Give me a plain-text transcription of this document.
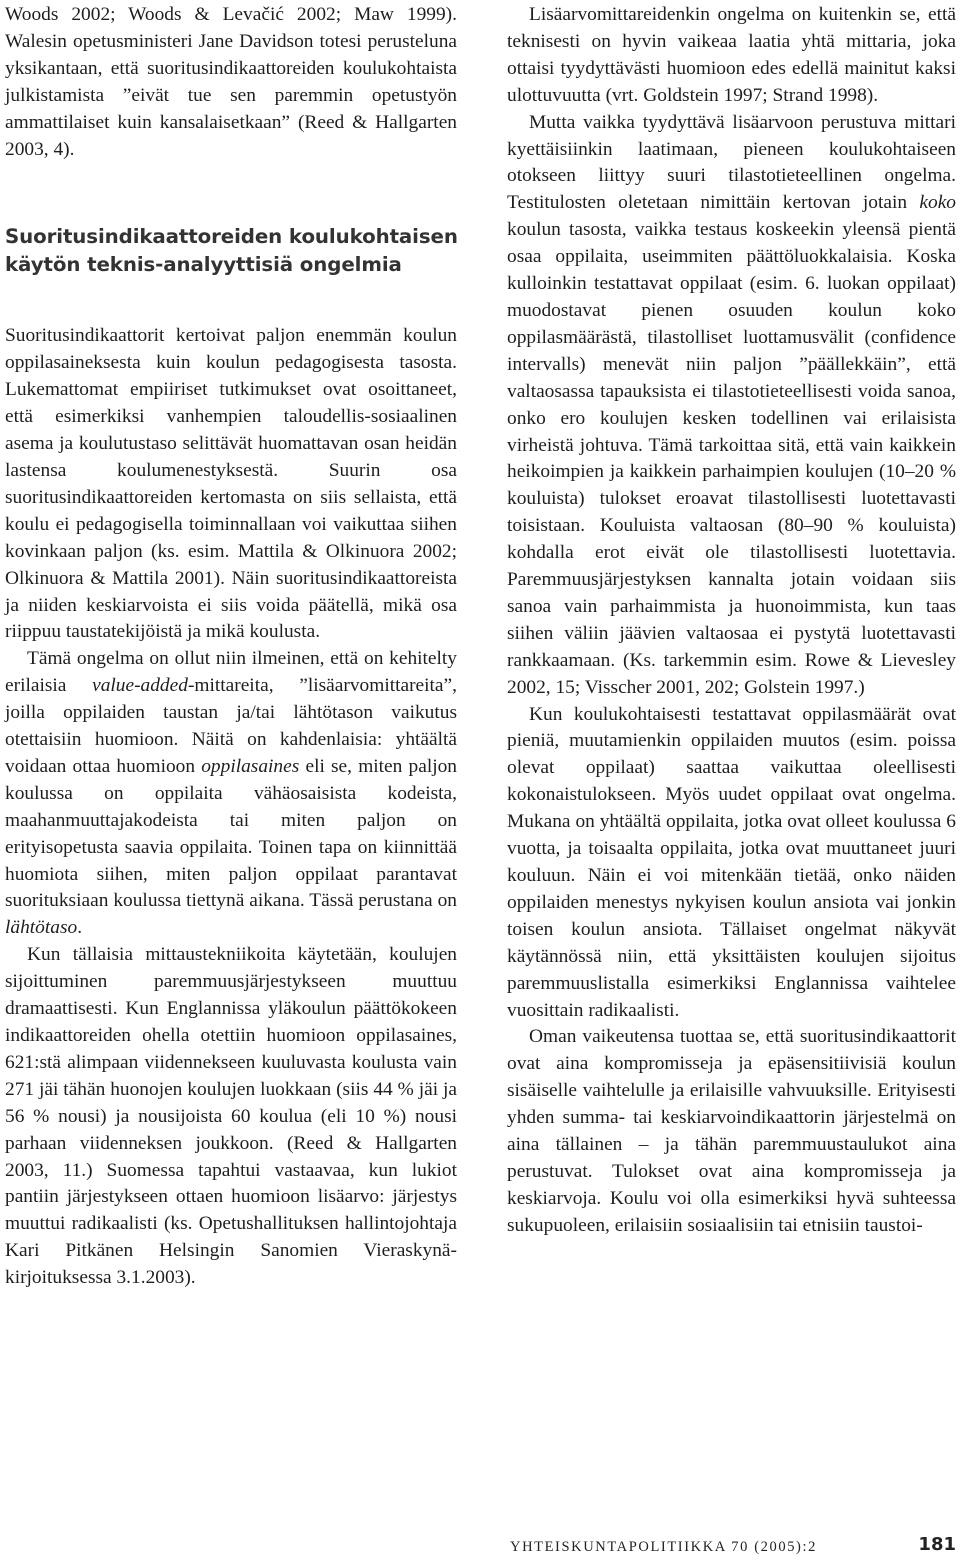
Woods 2002; Woods & Levačić 2002; Maw 1999). Walesin opetusministeri Jane Davidson totesi perusteluna yksikantaan, että suoritusindikaattoreiden koulukohtaista julkistamista ”eivät tue sen paremmin opetustyön ammattilaiset kuin kansalaisetkaan” (Reed & Hallgarten 2003, 4).

Suoritusindikaattoreiden koulukohtaisen
käytön teknis-analyyttisiä ongelmia

Suoritusindikaattorit kertoivat paljon enemmän koulun oppilasaineksesta kuin koulun pedagogisesta tasosta. Lukemattomat empiiriset tutkimukset ovat osoittaneet, että esimerkiksi vanhempien taloudellis-sosiaalinen asema ja koulutustaso selittävät huomattavan osan heidän lastensa koulumenestyksestä. Suurin osa suoritusindikaattoreiden kertomasta on siis sellaista, että koulu ei pedagogisella toiminnallaan voi vaikuttaa siihen kovinkaan paljon (ks. esim. Mattila & Olkinuora 2002; Olkinuora & Mattila 2001). Näin suoritusindikaattoreista ja niiden keskiarvoista ei siis voida päätellä, mikä osa riippuu taustatekijöistä ja mikä koulusta.

Tämä ongelma on ollut niin ilmeinen, että on kehitelty erilaisia value-added-mittareita, ”lisäarvomittareita”, joilla oppilaiden taustan ja/tai lähtötason vaikutus otettaisiin huomioon. Näitä on kahdenlaisia: yhtäältä voidaan ottaa huomioon oppilasaines eli se, miten paljon koulussa on oppilaita vähäosaisista kodeista, maahanmuuttajakodeista tai miten paljon on erityisopetusta saavia oppilaita. Toinen tapa on kiinnittää huomiota siihen, miten paljon oppilaat parantavat suorituksiaan koulussa tiettynä aikana. Tässä perustana on lähtötaso.

Kun tällaisia mittaustekniikoita käytetään, koulujen sijoittuminen paremmuusjärjestykseen muuttuu dramaattisesti. Kun Englannissa yläkoulun päättökokeen indikaattoreiden ohella otettiin huomioon oppilasaines, 621:stä alimpaan viidennekseen kuuluvasta koulusta vain 271 jäi tähän huonojen koulujen luokkaan (siis 44 % jäi ja 56 % nousi) ja nousijoista 60 koulua (eli 10 %) nousi parhaan viidenneksen joukkoon. (Reed & Hallgarten 2003, 11.) Suomessa tapahtui vastaavaa, kun lukiot pantiin järjestykseen ottaen huomioon lisäarvo: järjestys muuttui radikaalisti (ks. Opetushallituksen hallintojohtaja Kari Pitkänen Helsingin Sanomien Vieraskynä-kirjoituksessa 3.1.2003).

Lisäarvomittareidenkin ongelma on kuitenkin se, että teknisesti on hyvin vaikeaa laatia yhtä mittaria, joka ottaisi tyydyttävästi huomioon edes edellä mainitut kaksi ulottuvuutta (vrt. Goldstein 1997; Strand 1998).

Mutta vaikka tyydyttävä lisäarvoon perustuva mittari kyettäisiinkin laatimaan, pieneen koulukohtaiseen otokseen liittyy suuri tilastotieteellinen ongelma. Testitulosten oletetaan nimittäin kertovan jotain koko koulun tasosta, vaikka testaus koskeekin yleensä pientä osaa oppilaita, useimmiten päättöluokkalaisia. Koska kulloinkin testattavat oppilaat (esim. 6. luokan oppilaat) muodostavat pienen osuuden koulun koko oppilasmäärästä, tilastolliset luottamusvälit (confidence intervalls) menevät niin paljon ”päällekkäin”, että valtaosassa tapauksista ei tilastotieteellisesti voida sanoa, onko ero koulujen kesken todellinen vai erilaisista virheistä johtuva. Tämä tarkoittaa sitä, että vain kaikkein heikoimpien ja kaikkein parhaimpien koulujen (10–20 % kouluista) tulokset eroavat tilastollisesti luotettavasti toisistaan. Kouluista valtaosan (80–90 % kouluista) kohdalla erot eivät ole tilastollisesti luotettavia. Paremmuusjärjestyksen kannalta jotain voidaan siis sanoa vain parhaimmista ja huonoimmista, kun taas siihen väliin jäävien valtaosaa ei pystytä luotettavasti rankkaamaan. (Ks. tarkemmin esim. Rowe & Lievesley 2002, 15; Visscher 2001, 202; Golstein 1997.)

Kun koulukohtaisesti testattavat oppilasmäärät ovat pieniä, muutamienkin oppilaiden muutos (esim. poissa olevat oppilaat) saattaa vaikuttaa oleellisesti kokonaistulokseen. Myös uudet oppilaat ovat ongelma. Mukana on yhtäältä oppilaita, jotka ovat olleet koulussa 6 vuotta, ja toisaalta oppilaita, jotka ovat muuttaneet juuri kouluun. Näin ei voi mitenkään tietää, onko näiden oppilaiden menestys nykyisen koulun ansiota vai jonkin toisen koulun ansiota. Tällaiset ongelmat näkyvät käytännössä niin, että yksittäisten koulujen sijoitus paremmuuslistalla esimerkiksi Englannissa vaihtelee vuosittain radikaalisti.

Oman vaikeutensa tuottaa se, että suoritusindikaattorit ovat aina kompromisseja ja epäsensitiivisiä koulun sisäiselle vaihtelulle ja erilaisille vahvuuksille. Erityisesti yhden summa- tai keskiarvoindikaattorin järjestelmä on aina tällainen – ja tähän paremmuustaulukot aina perustuvat. Tulokset ovat aina kompromisseja ja keskiarvoja. Koulu voi olla esimerkiksi hyvä suhteessa sukupuoleen, erilaisiin sosiaalisiin tai etnisiin taustoi-

YHTEISKUNTAPOLITIIKKA 70 (2005):2	181
